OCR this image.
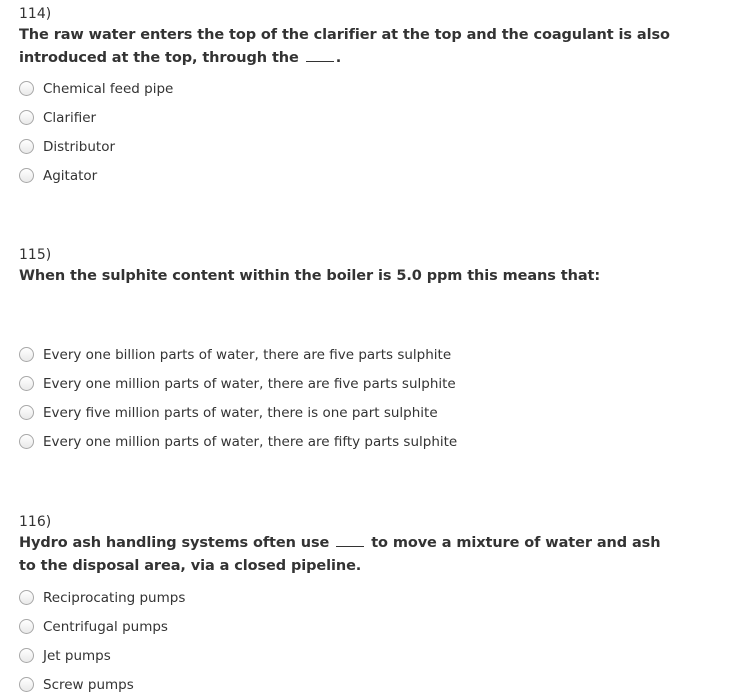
114)
The raw water enters the top of the clarifier at the top and the coagulant is also
introduced at the top, through the	.
Chemical feed pipe
Clarifier
Distributor
Agitator
115)
When the sulphite content within the boiler is 5.0 ppm this means that:
Every one billion parts of water, there are five parts sulphite
Every one million parts of water, there are five parts sulphite
Every five million parts of water, there is one part sulphite
Every one million parts of water, there are fifty parts sulphite
116)
Hydro ash handling systems often use	to move a mixture of water and ash
to the disposal area, via a closed pipeline.
Reciprocating pumps
Centrifugal pumps
Jet pumps
Screw pumps
